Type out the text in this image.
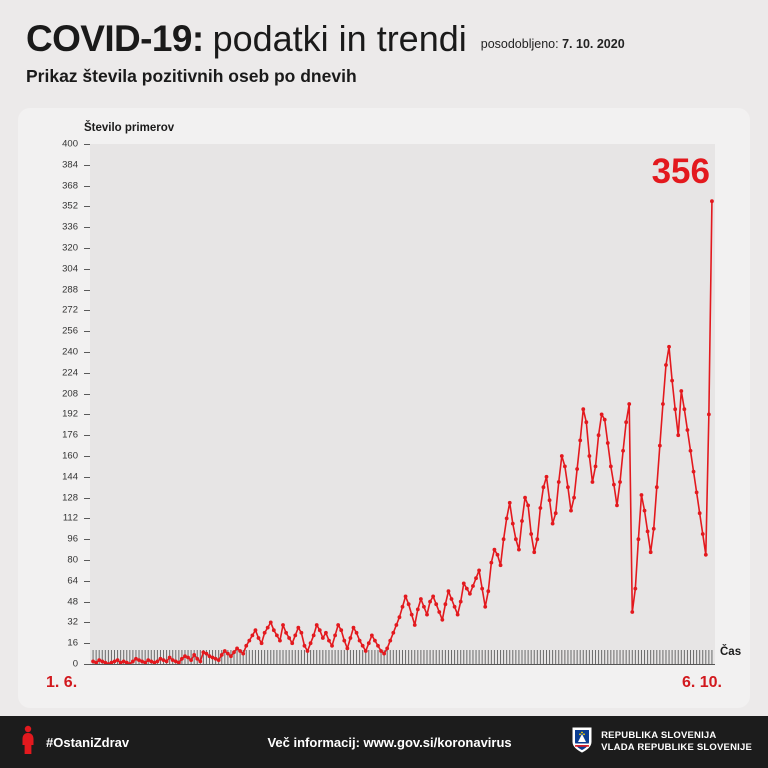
COVID-19: podatki in trendi posodobljeno: 7. 10. 2020
Prikaz števila pozitivnih oseb po dnevih
Število primerov
Čas
0
16
32
48
64
80
96
112
128
144
160
176
192
208
224
240
256
272
288
304
320
336
352
368
384
400
356
1. 6.	6. 10.
#OstaniZdrav	Več informacij: www.gov.si/koronavirus	REPUBLIKA SLOVENIJA
VLADA REPUBLIKE SLOVENIJE
